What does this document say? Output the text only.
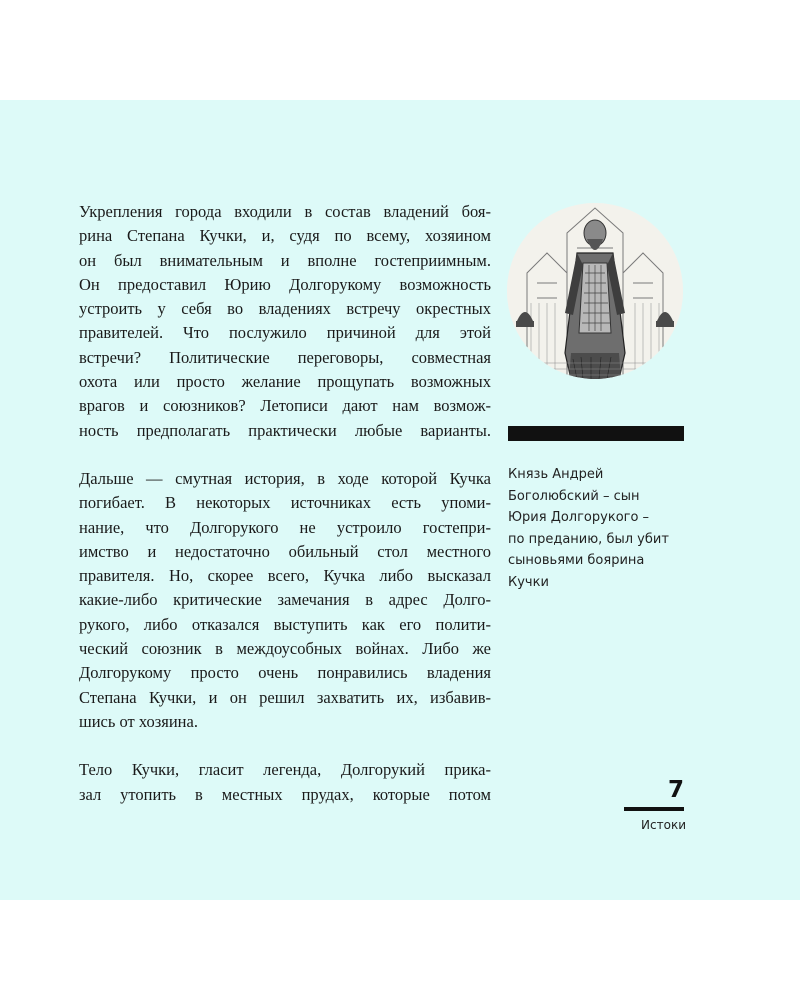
Укрепления города входили в состав владений боя-
рина Степана Кучки, и, судя по всему, хозяином
он был внимательным и вполне гостеприимным.
Он предоставил Юрию Долгорукому возможность
устроить у себя во владениях встречу окрестных
правителей. Что послужило причиной для этой
встречи? Политические переговоры, совместная
охота или просто желание прощупать возможных
врагов и союзников? Летописи дают нам возмож-
ность предполагать практически любые варианты.
Дальше — смутная история, в ходе которой Кучка
погибает. В некоторых источниках есть упоми-
нание, что Долгорукого не устроило гостепри-
имство и недостаточно обильный стол местного
правителя. Но, скорее всего, Кучка либо высказал
какие-либо критические замечания в адрес Долго-
рукого, либо отказался выступить как его полити-
ческий союзник в междоусобных войнах. Либо же
Долгорукому просто очень понравились владения
Степана Кучки, и он решил захватить их, избавив-
шись от хозяина.
Тело Кучки, гласит легенда, Долгорукий прика-
зал утопить в местных прудах, которые потом
Князь Андрей
Боголюбский – сын
Юрия Долгорукого –
по преданию, был убит
сыновьями боярина
Кучки
7
Истоки
